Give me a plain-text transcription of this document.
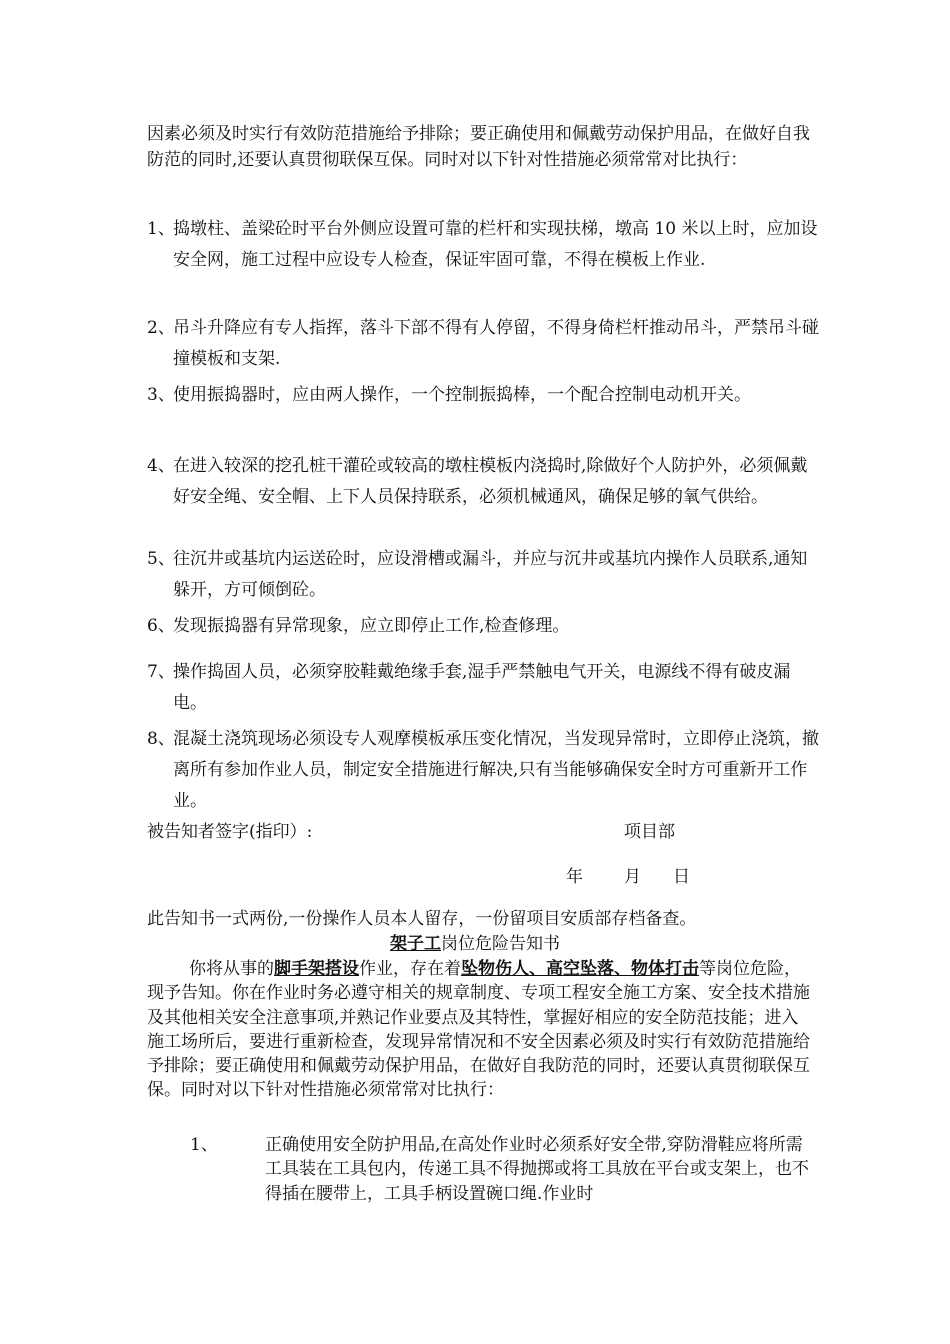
因素必须及时实行有效防范措施给予排除；要正确使用和佩戴劳动保护用品，在做好自我防范的同时,还要认真贯彻联保互保。同时对以下针对性措施必须常常对比执行：

1、
捣墩柱、盖梁砼时平台外侧应设置可靠的栏杆和实现扶梯，墩高 10 米以上时，应加设安全网，施工过程中应设专人检查，保证牢固可靠，不得在模板上作业.
2、
吊斗升降应有专人指挥，落斗下部不得有人停留，不得身倚栏杆推动吊斗，严禁吊斗碰撞模板和支架.
3、
使用振捣器时，应由两人操作，一个控制振捣棒，一个配合控制电动机开关。
4、
在进入较深的挖孔桩干灌砼或较高的墩柱模板内浇捣时,除做好个人防护外，必须佩戴好安全绳、安全帽、上下人员保持联系，必须机械通风，确保足够的氧气供给。
5、
往沉井或基坑内运送砼时，应设滑槽或漏斗，并应与沉井或基坑内操作人员联系,通知躲开，方可倾倒砼。
6、
发现振捣器有异常现象，应立即停止工作,检查修理。
7、
操作捣固人员，必须穿胶鞋戴绝缘手套,湿手严禁触电气开关，电源线不得有破皮漏电。
8、
混凝土浇筑现场必须设专人观摩模板承压变化情况，当发现异常时，立即停止浇筑，撤离所有参加作业人员，制定安全措施进行解决,只有当能够确保安全时方可重新开工作业。
被告知者签字(指印）:	项目部
年 月 日
此告知书一式两份,一份操作人员本人留存，一份留项目安质部存档备查。
架子工岗位危险告知书

你将从事的脚手架搭设作业，存在着坠物伤人、高空坠落、物体打击等岗位危险，现予告知。你在作业时务必遵守相关的规章制度、专项工程安全施工方案、安全技术措施及其他相关安全注意事项,并熟记作业要点及其特性，掌握好相应的安全防范技能；进入施工场所后，要进行重新检查，发现异常情况和不安全因素必须及时实行有效防范措施给予排除；要正确使用和佩戴劳动保护用品，在做好自我防范的同时，还要认真贯彻联保互保。同时对以下针对性措施必须常常对比执行：

1、	正确使用安全防护用品,在高处作业时必须系好安全带,穿防滑鞋应将所需工具装在工具包内，传递工具不得抛掷或将工具放在平台或支架上，也不得插在腰带上，工具手柄设置碗口绳.作业时
